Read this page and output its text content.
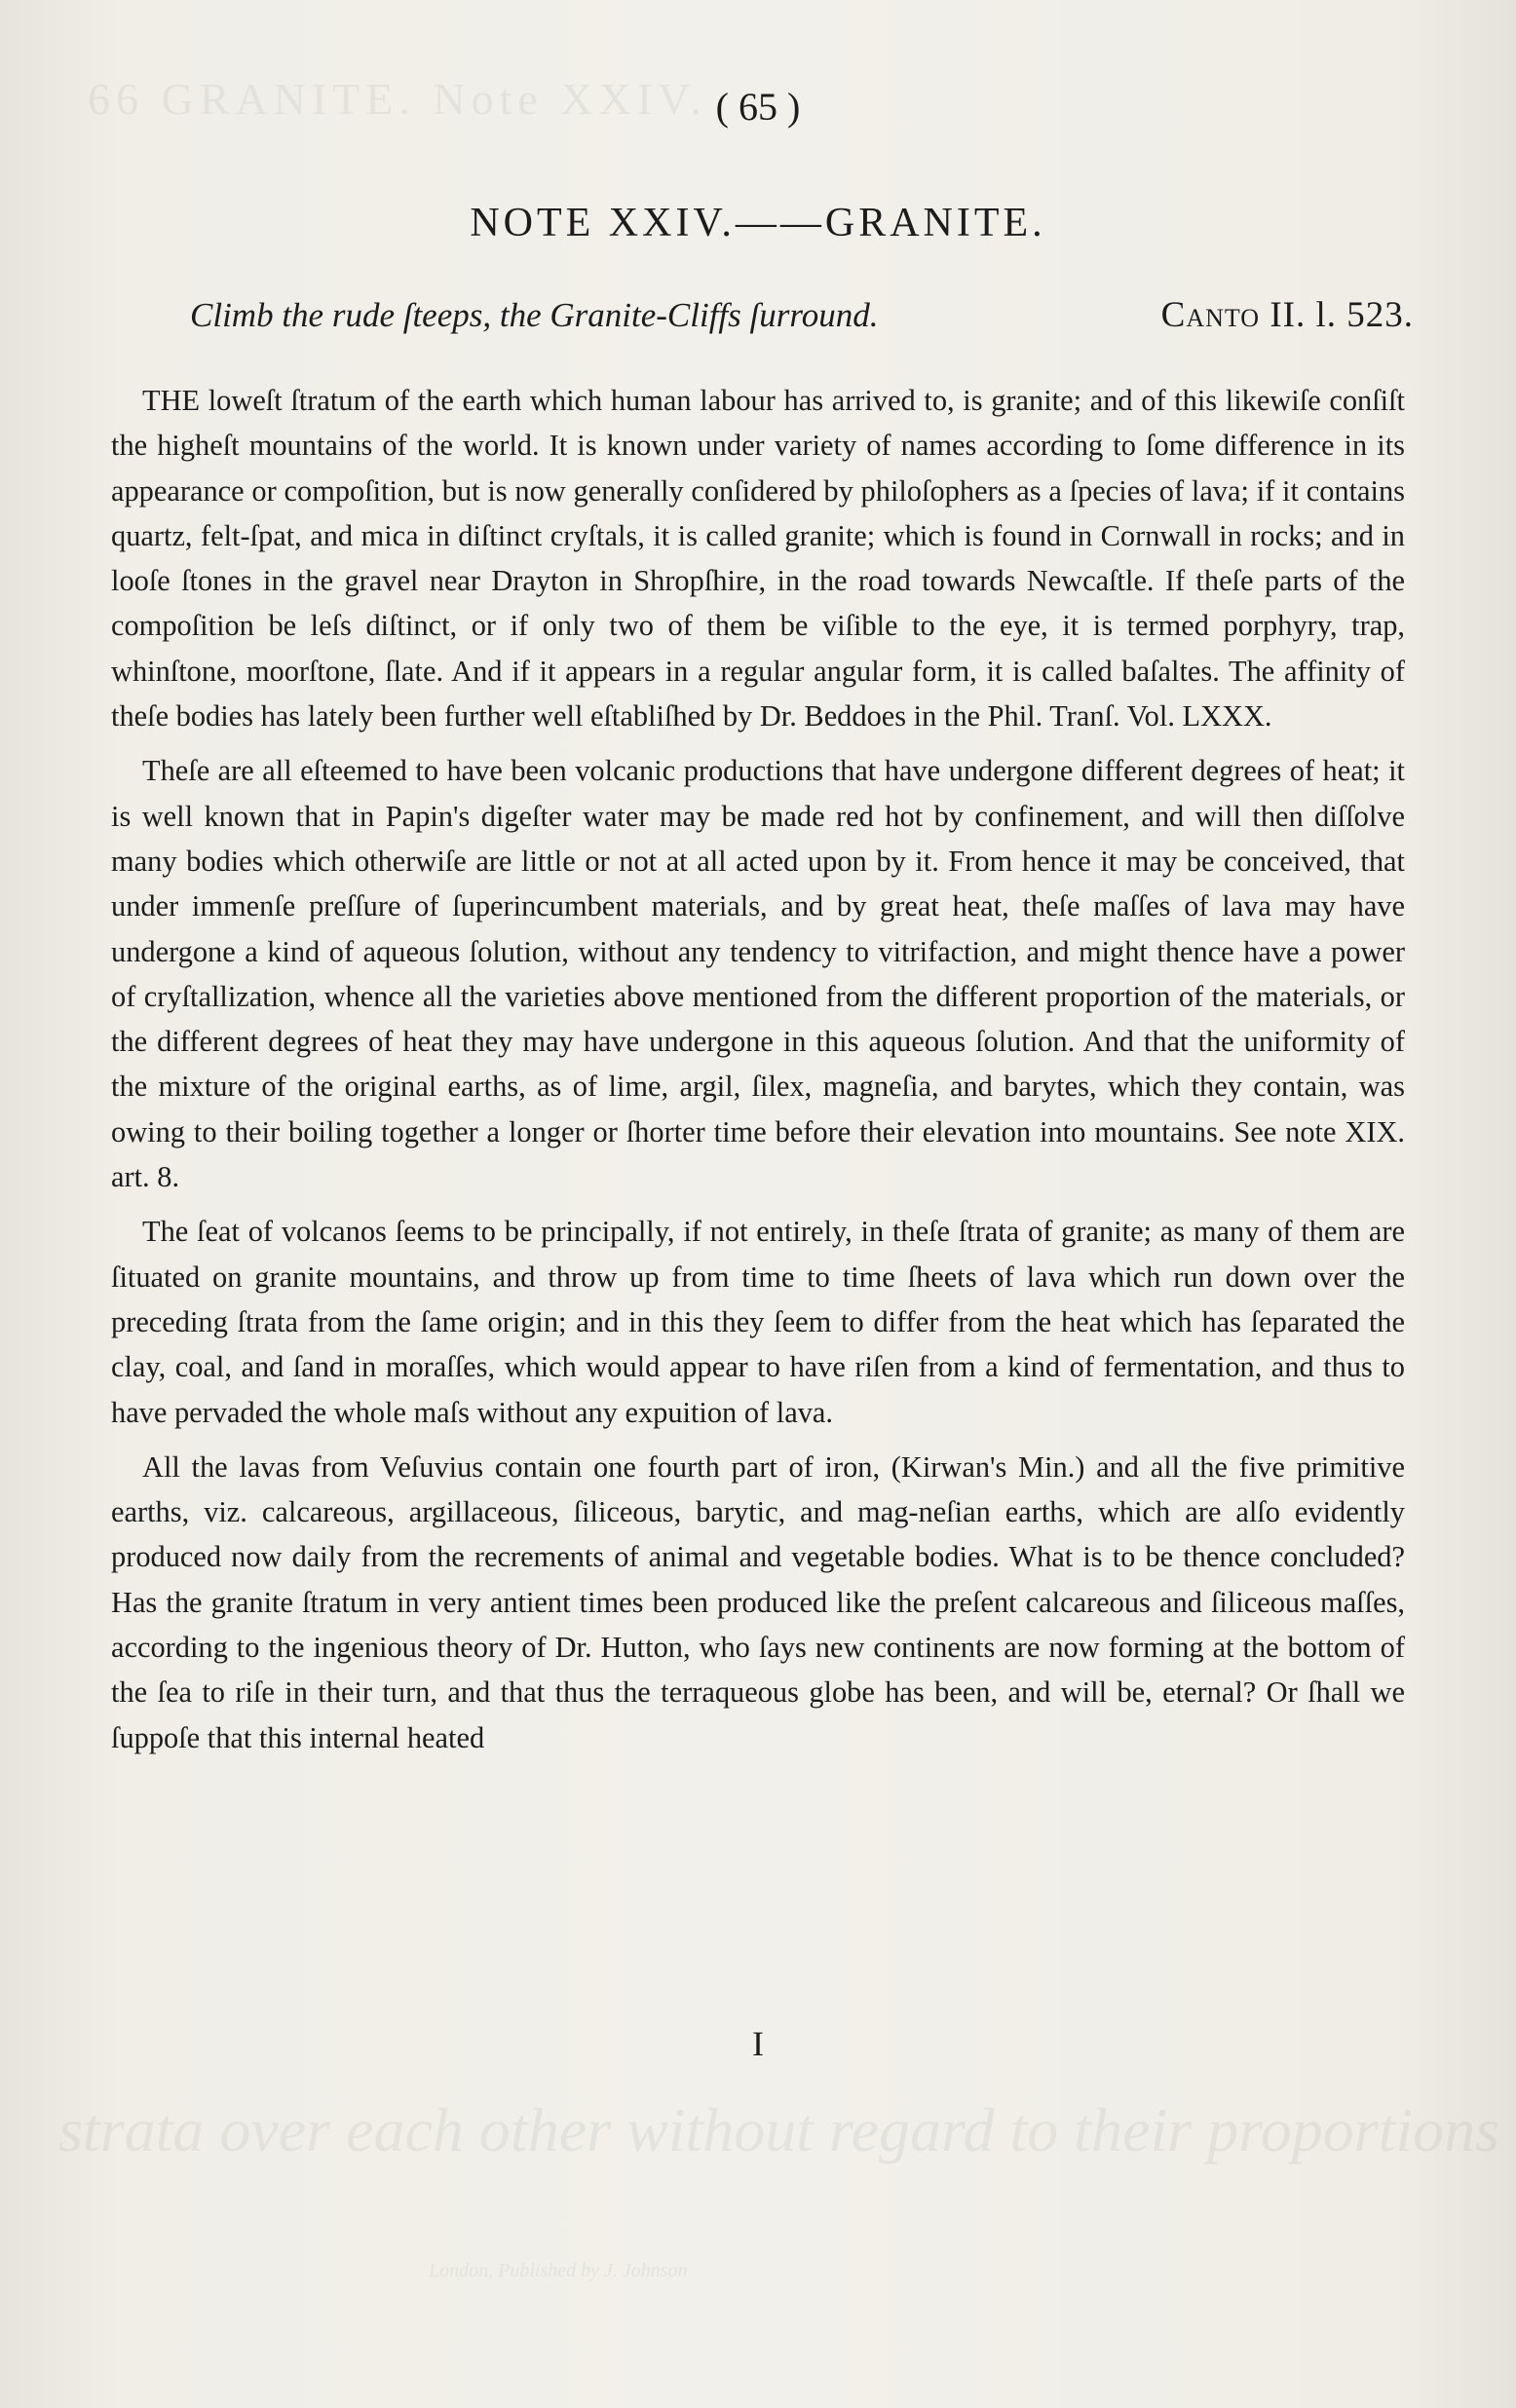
66 GRANITE. Note XXIV.
strata over each other without regard to their proportions
London, Published by J. Johnson
( 65 )
NOTE XXIV.——GRANITE.
Climb the rude ſteeps, the Granite-Cliffs ſurround.	Canto II. l. 523.

THE loweſt ſtratum of the earth which human labour has arrived to, is granite; and of this likewiſe conſiſt the higheſt mountains of the world. It is known under variety of names according to ſome difference in its appearance or compoſition, but is now generally conſidered by philoſophers as a ſpecies of lava; if it contains quartz, felt-ſpat, and mica in diſtinct cryſtals, it is called granite; which is found in Cornwall in rocks; and in looſe ſtones in the gravel near Drayton in Shropſhire, in the road towards Newcaſtle. If theſe parts of the compoſition be leſs diſtinct, or if only two of them be viſible to the eye, it is termed porphyry, trap, whinſtone, moorſtone, ſlate. And if it appears in a regular angular form, it is called baſaltes. The affinity of theſe bodies has lately been further well eſtabliſhed by Dr. Beddoes in the Phil. Tranſ. Vol. LXXX.

Theſe are all eſteemed to have been volcanic productions that have undergone different degrees of heat; it is well known that in Papin's digeſter water may be made red hot by confinement, and will then diſſolve many bodies which otherwiſe are little or not at all acted upon by it. From hence it may be conceived, that under immenſe preſſure of ſuperincumbent materials, and by great heat, theſe maſſes of lava may have undergone a kind of aqueous ſolution, without any tendency to vitrifaction, and might thence have a power of cryſtallization, whence all the varieties above mentioned from the different proportion of the materials, or the different degrees of heat they may have undergone in this aqueous ſolution. And that the uniformity of the mixture of the original earths, as of lime, argil, ſilex, magneſia, and barytes, which they contain, was owing to their boiling together a longer or ſhorter time before their elevation into mountains. See note XIX. art. 8.

The ſeat of volcanos ſeems to be principally, if not entirely, in theſe ſtrata of granite; as many of them are ſituated on granite mountains, and throw up from time to time ſheets of lava which run down over the preceding ſtrata from the ſame origin; and in this they ſeem to differ from the heat which has ſeparated the clay, coal, and ſand in moraſſes, which would appear to have riſen from a kind of fermentation, and thus to have pervaded the whole maſs without any expuition of lava.

All the lavas from Veſuvius contain one fourth part of iron, (Kirwan's Min.) and all the five primitive earths, viz. calcareous, argillaceous, ſiliceous, barytic, and mag-neſian earths, which are alſo evidently produced now daily from the recrements of animal and vegetable bodies. What is to be thence concluded? Has the granite ſtratum in very antient times been produced like the preſent calcareous and ſiliceous maſſes, according to the ingenious theory of Dr. Hutton, who ſays new continents are now forming at the bottom of the ſea to riſe in their turn, and that thus the terraqueous globe has been, and will be, eternal? Or ſhall we ſuppoſe that this internal heated

I
